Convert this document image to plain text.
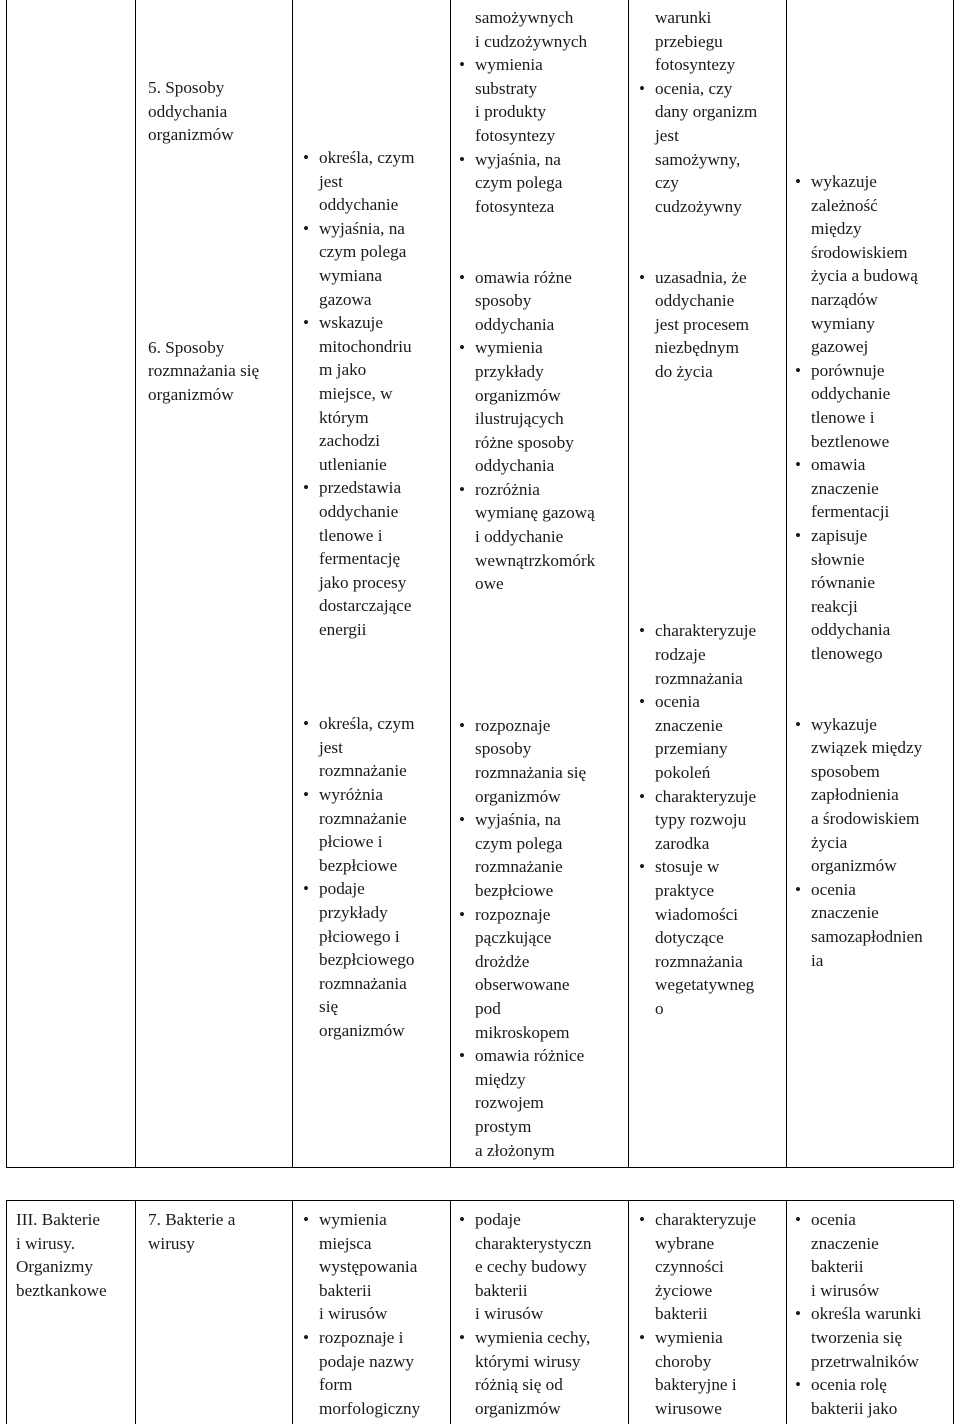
5. Sposoby
oddychania
organizmów
6. Sposoby
rozmnażania się
organizmów
• określa, czym
jest
oddychanie
• wyjaśnia, na
czym polega
wymiana
gazowa
• wskazuje
mitochondriu
m jako
miejsce, w
którym
zachodzi
utlenianie
• przedstawia
oddychanie
tlenowe i
fermentację
jako procesy
dostarczające
energii
• określa, czym
jest
rozmnażanie
• wyróżnia
rozmnażanie
płciowe i
bezpłciowe
• podaje
przykłady
płciowego i
bezpłciowego
rozmnażania
się
organizmów
samożywnych
i cudzożywnych
• wymienia
substraty
i produkty
fotosyntezy
• wyjaśnia, na
czym polega
fotosynteza
• omawia różne
sposoby
oddychania
• wymienia
przykłady
organizmów
ilustrujących
różne sposoby
oddychania
• rozróżnia
wymianę gazową
i oddychanie
wewnątrzkomórk
owe
• rozpoznaje
sposoby
rozmnażania się
organizmów
• wyjaśnia, na
czym polega
rozmnażanie
bezpłciowe
• rozpoznaje
pączkujące
drożdże
obserwowane
pod
mikroskopem
• omawia różnice
między
rozwojem
prostym
a złożonym
warunki
przebiegu
fotosyntezy
• ocenia, czy
dany organizm
jest
samożywny,
czy
cudzożywny
• uzasadnia, że
oddychanie
jest procesem
niezbędnym
do życia
• charakteryzuje
rodzaje
rozmnażania
• ocenia
znaczenie
przemiany
pokoleń
• charakteryzuje
typy rozwoju
zarodka
• stosuje w
praktyce
wiadomości
dotyczące
rozmnażania
wegetatywneg
o
• wykazuje
zależność
między
środowiskiem
życia a budową
narządów
wymiany
gazowej
• porównuje
oddychanie
tlenowe i
beztlenowe
• omawia
znaczenie
fermentacji
• zapisuje
słownie
równanie
reakcji
oddychania
tlenowego
• wykazuje
związek między
sposobem
zapłodnienia
a środowiskiem
życia
organizmów
• ocenia
znaczenie
samozapłodnien
ia
III. Bakterie
i wirusy.
Organizmy
beztkankowe
7. Bakterie a
wirusy
• wymienia
miejsca
występowania
bakterii
i wirusów
• rozpoznaje i
podaje nazwy
form
morfologiczny
• podaje
charakterystyczn
e cechy budowy
bakterii
i wirusów
• wymienia cechy,
którymi wirusy
różnią się od
organizmów
• charakteryzuje
wybrane
czynności
życiowe
bakterii
• wymienia
choroby
bakteryjne i
wirusowe
• ocenia
znaczenie
bakterii
i wirusów
• określa warunki
tworzenia się
przetrwalników
• ocenia rolę
bakterii jako
